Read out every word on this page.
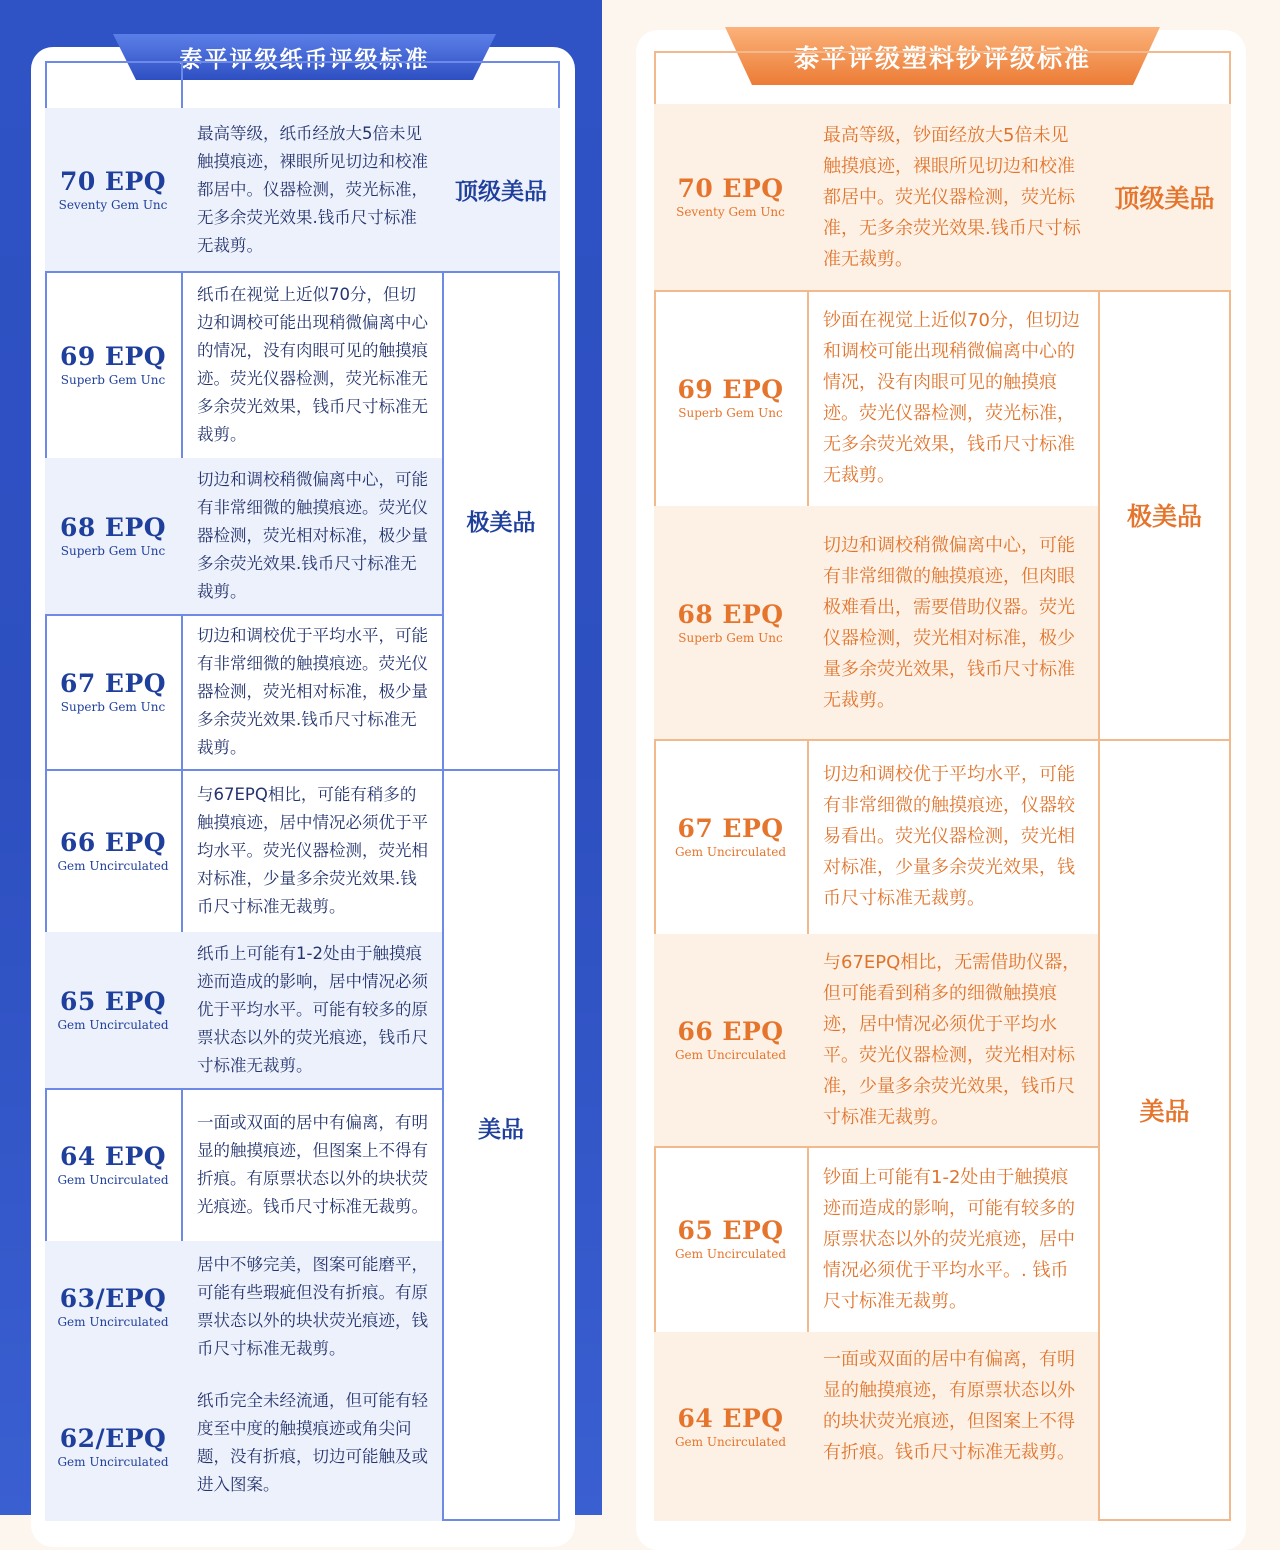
泰平评级纸币评级标准
70 EPQ
Seventy Gem Unc
最高等级，纸币经放大5倍未见触摸痕迹，裸眼所见切边和校准都居中。仪器检测，荧光标准，无多余荧光效果.钱币尺寸标准无裁剪。
顶级美品
69 EPQ
Superb Gem Unc
纸币在视觉上近似70分，但切边和调校可能出现稍微偏离中心的情况，没有肉眼可见的触摸痕迹。荧光仪器检测，荧光标准无多余荧光效果，钱币尺寸标准无裁剪。
68 EPQ
Superb Gem Unc
切边和调校稍微偏离中心，可能有非常细微的触摸痕迹。荧光仪器检测，荧光相对标准，极少量多余荧光效果.钱币尺寸标准无裁剪。
67 EPQ
Superb Gem Unc
切边和调校优于平均水平，可能有非常细微的触摸痕迹。荧光仪器检测，荧光相对标准，极少量多余荧光效果.钱币尺寸标准无裁剪。
极美品
66 EPQ
Gem Uncirculated
与67EPQ相比，可能有稍多的触摸痕迹，居中情况必须优于平均水平。荧光仪器检测，荧光相对标准，少量多余荧光效果.钱币尺寸标准无裁剪。
65 EPQ
Gem Uncirculated
纸币上可能有1-2处由于触摸痕迹而造成的影响，居中情况必须优于平均水平。可能有较多的原票状态以外的荧光痕迹，钱币尺寸标准无裁剪。
64 EPQ
Gem Uncirculated
一面或双面的居中有偏离，有明显的触摸痕迹，但图案上不得有折痕。有原票状态以外的块状荧光痕迹。钱币尺寸标准无裁剪。
63/EPQ
Gem Uncirculated
居中不够完美，图案可能磨平，可能有些瑕疵但没有折痕。有原票状态以外的块状荧光痕迹，钱币尺寸标准无裁剪。
62/EPQ
Gem Uncirculated
纸币完全未经流通，但可能有轻度至中度的触摸痕迹或角尖问题，没有折痕，切边可能触及或进入图案。
美品
泰平评级塑料钞评级标准
70 EPQ
Seventy Gem Unc
最高等级，钞面经放大5倍未见触摸痕迹，裸眼所见切边和校准都居中。荧光仪器检测，荧光标准，无多余荧光效果.钱币尺寸标准无裁剪。
顶级美品
69 EPQ
Superb Gem Unc
钞面在视觉上近似70分，但切边和调校可能出现稍微偏离中心的情况，没有肉眼可见的触摸痕迹。荧光仪器检测，荧光标准，无多余荧光效果，钱币尺寸标准无裁剪。
68 EPQ
Superb Gem Unc
切边和调校稍微偏离中心，可能有非常细微的触摸痕迹，但肉眼极难看出，需要借助仪器。荧光仪器检测，荧光相对标准，极少量多余荧光效果，钱币尺寸标准无裁剪。
极美品
67 EPQ
Gem Uncirculated
切边和调校优于平均水平，可能有非常细微的触摸痕迹，仪器较易看出。荧光仪器检测，荧光相对标准，少量多余荧光效果，钱币尺寸标准无裁剪。
66 EPQ
Gem Uncirculated
与67EPQ相比，无需借助仪器，但可能看到稍多的细微触摸痕迹，居中情况必须优于平均水平。荧光仪器检测，荧光相对标准，少量多余荧光效果，钱币尺寸标准无裁剪。
65 EPQ
Gem Uncirculated
钞面上可能有1-2处由于触摸痕迹而造成的影响，可能有较多的原票状态以外的荧光痕迹，居中情况必须优于平均水平。. 钱币尺寸标准无裁剪。
64 EPQ
Gem Uncirculated
一面或双面的居中有偏离，有明显的触摸痕迹，有原票状态以外的块状荧光痕迹，但图案上不得有折痕。钱币尺寸标准无裁剪。
美品
